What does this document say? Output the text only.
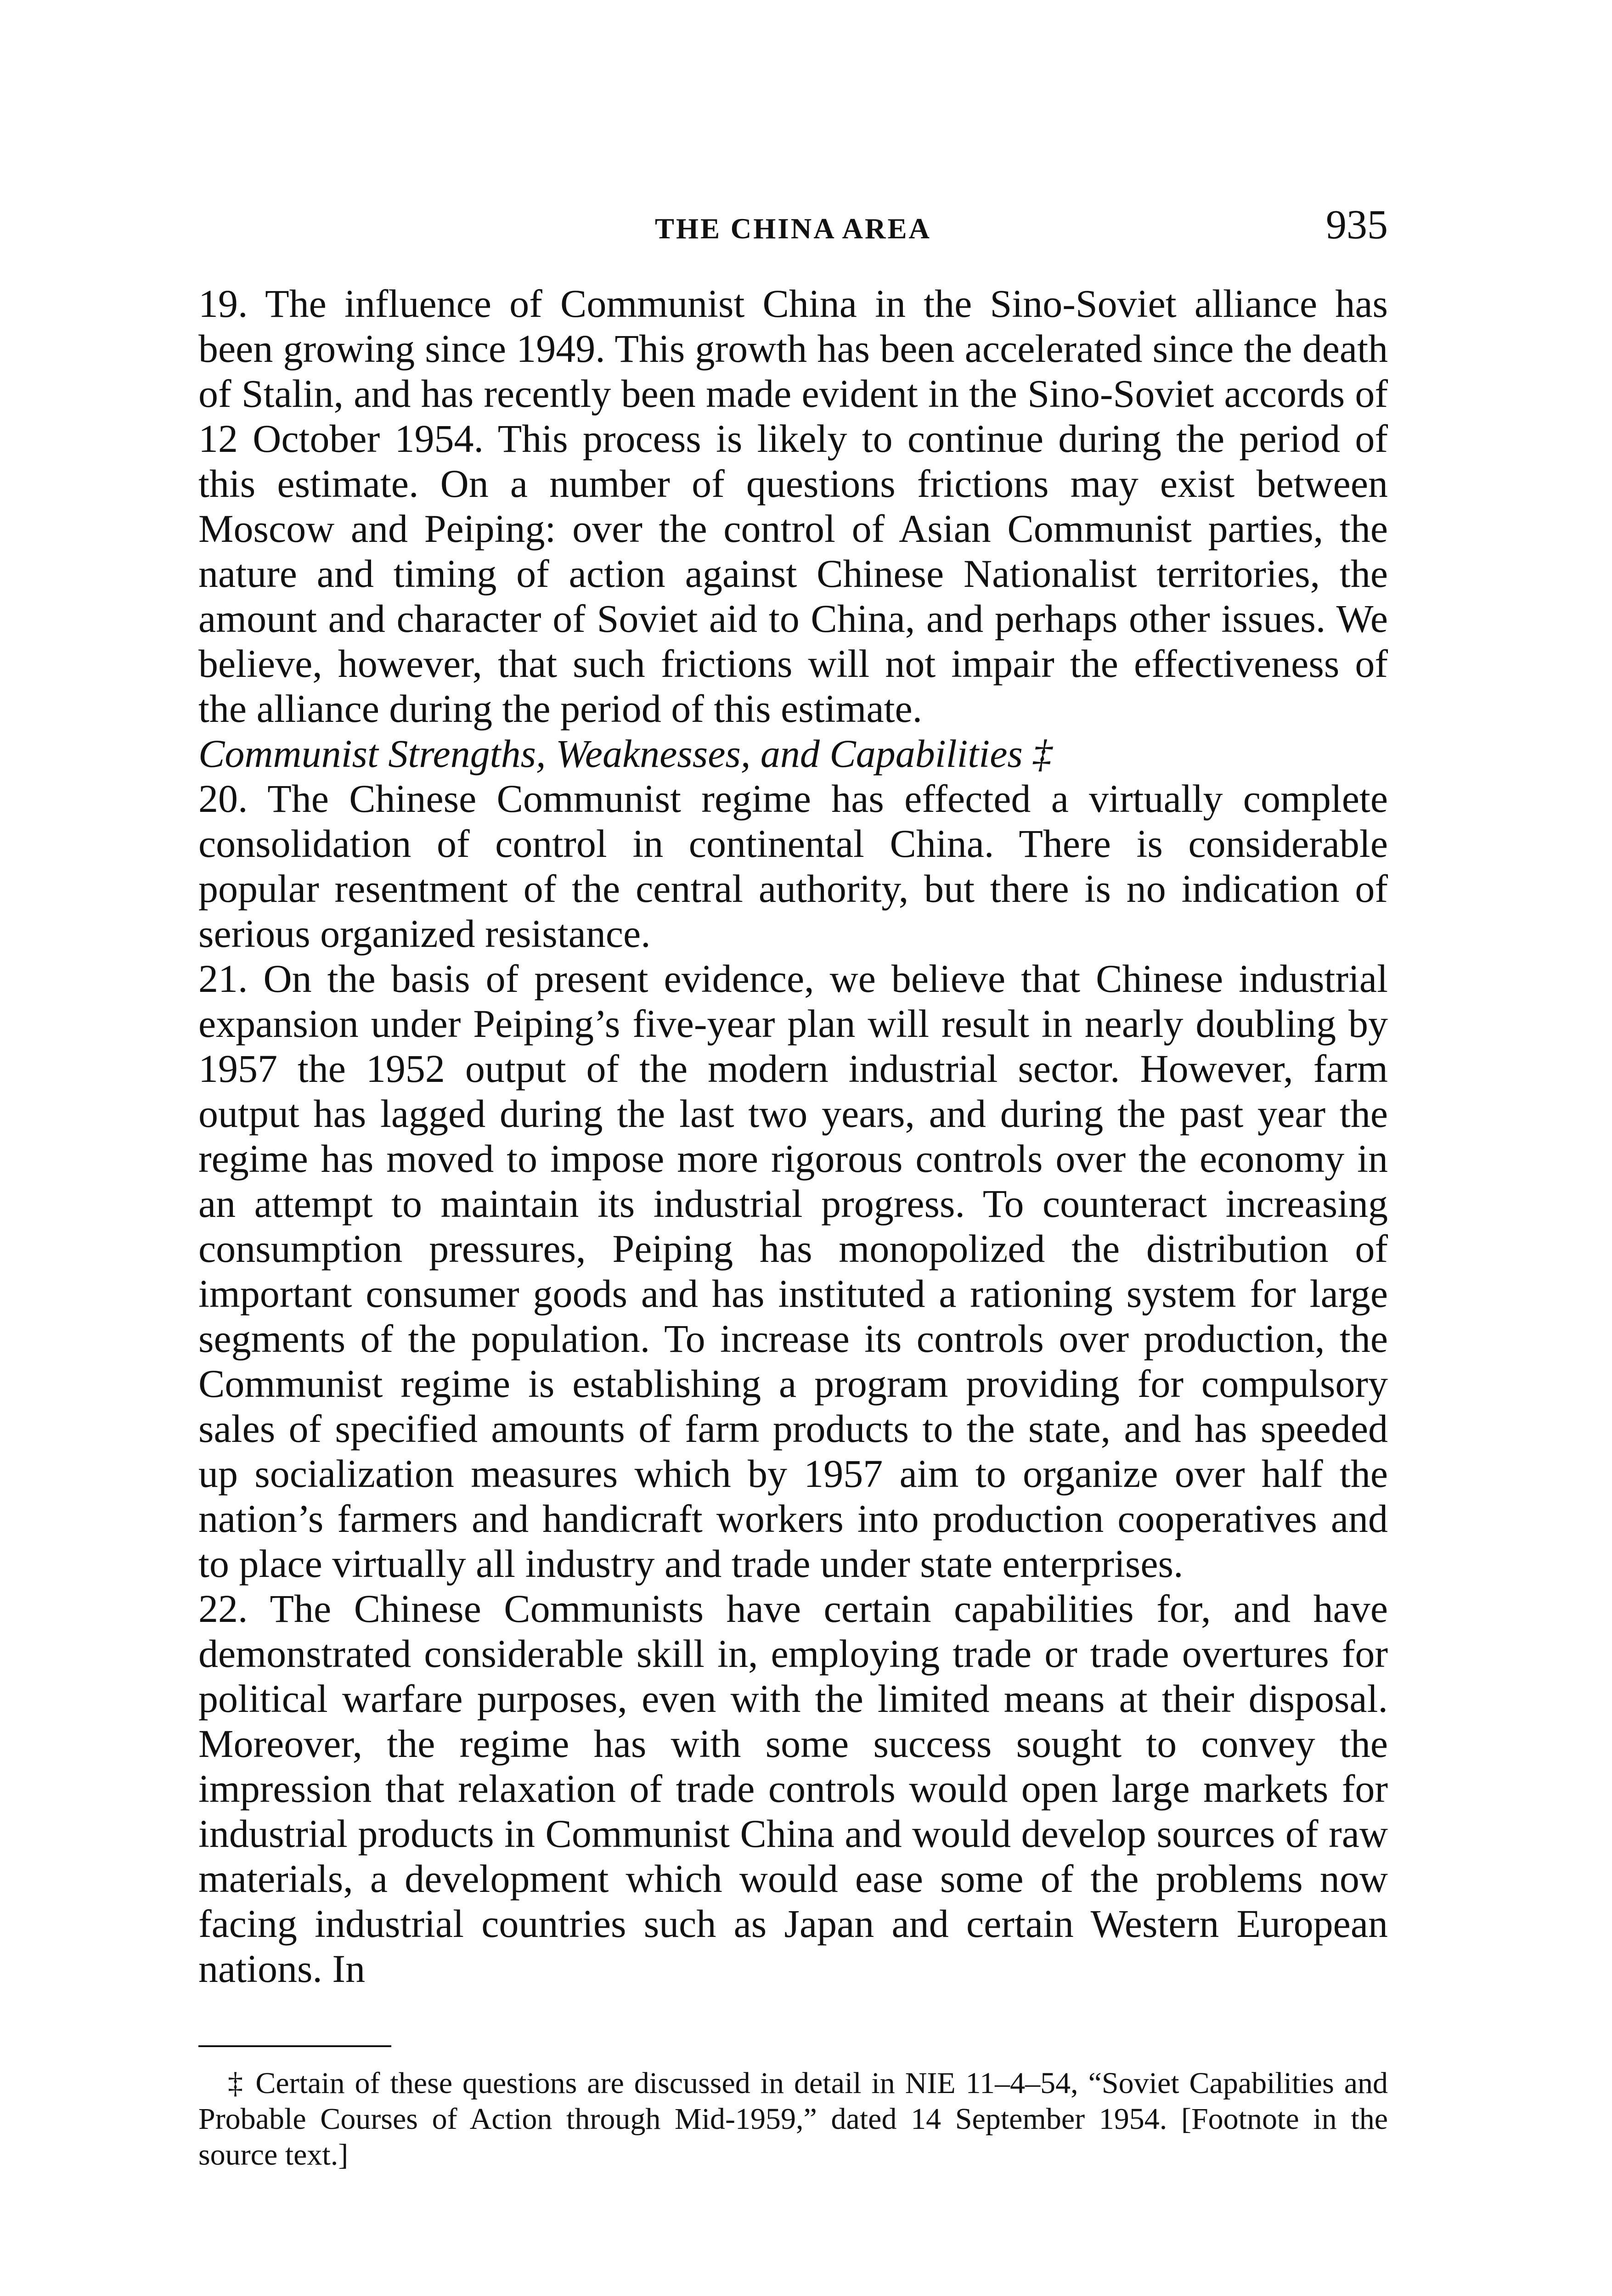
THE CHINA AREA	935

19. The influence of Communist China in the Sino-Soviet alliance has been growing since 1949. This growth has been accelerated since the death of Stalin, and has recently been made evident in the Sino-Soviet accords of 12 October 1954. This process is likely to continue during the period of this estimate. On a number of questions frictions may exist between Moscow and Peiping: over the control of Asian Communist parties, the nature and timing of action against Chinese Nationalist territories, the amount and character of Soviet aid to China, and perhaps other issues. We believe, however, that such frictions will not impair the effectiveness of the alliance during the period of this estimate.

Communist Strengths, Weaknesses, and Capabilities ‡

20. The Chinese Communist regime has effected a virtually complete consolidation of control in continental China. There is considerable popular resentment of the central authority, but there is no indication of serious organized resistance.

21. On the basis of present evidence, we believe that Chinese industrial expansion under Peiping’s five-year plan will result in nearly doubling by 1957 the 1952 output of the modern industrial sector. However, farm output has lagged during the last two years, and during the past year the regime has moved to impose more rigorous controls over the economy in an attempt to maintain its industrial progress. To counteract increasing consumption pressures, Peiping has monopolized the distribution of important consumer goods and has instituted a rationing system for large segments of the population. To increase its controls over production, the Communist regime is establishing a program providing for compulsory sales of specified amounts of farm products to the state, and has speeded up socialization measures which by 1957 aim to organize over half the nation’s farmers and handicraft workers into production cooperatives and to place virtually all industry and trade under state enterprises.

22. The Chinese Communists have certain capabilities for, and have demonstrated considerable skill in, employing trade or trade overtures for political warfare purposes, even with the limited means at their disposal. Moreover, the regime has with some success sought to convey the impression that relaxation of trade controls would open large markets for industrial products in Communist China and would develop sources of raw materials, a development which would ease some of the problems now facing industrial countries such as Japan and certain Western European nations. In

‡ Certain of these questions are discussed in detail in NIE 11–4–54, “Soviet Capabilities and Probable Courses of Action through Mid-1959,” dated 14 September 1954. [Footnote in the source text.]
